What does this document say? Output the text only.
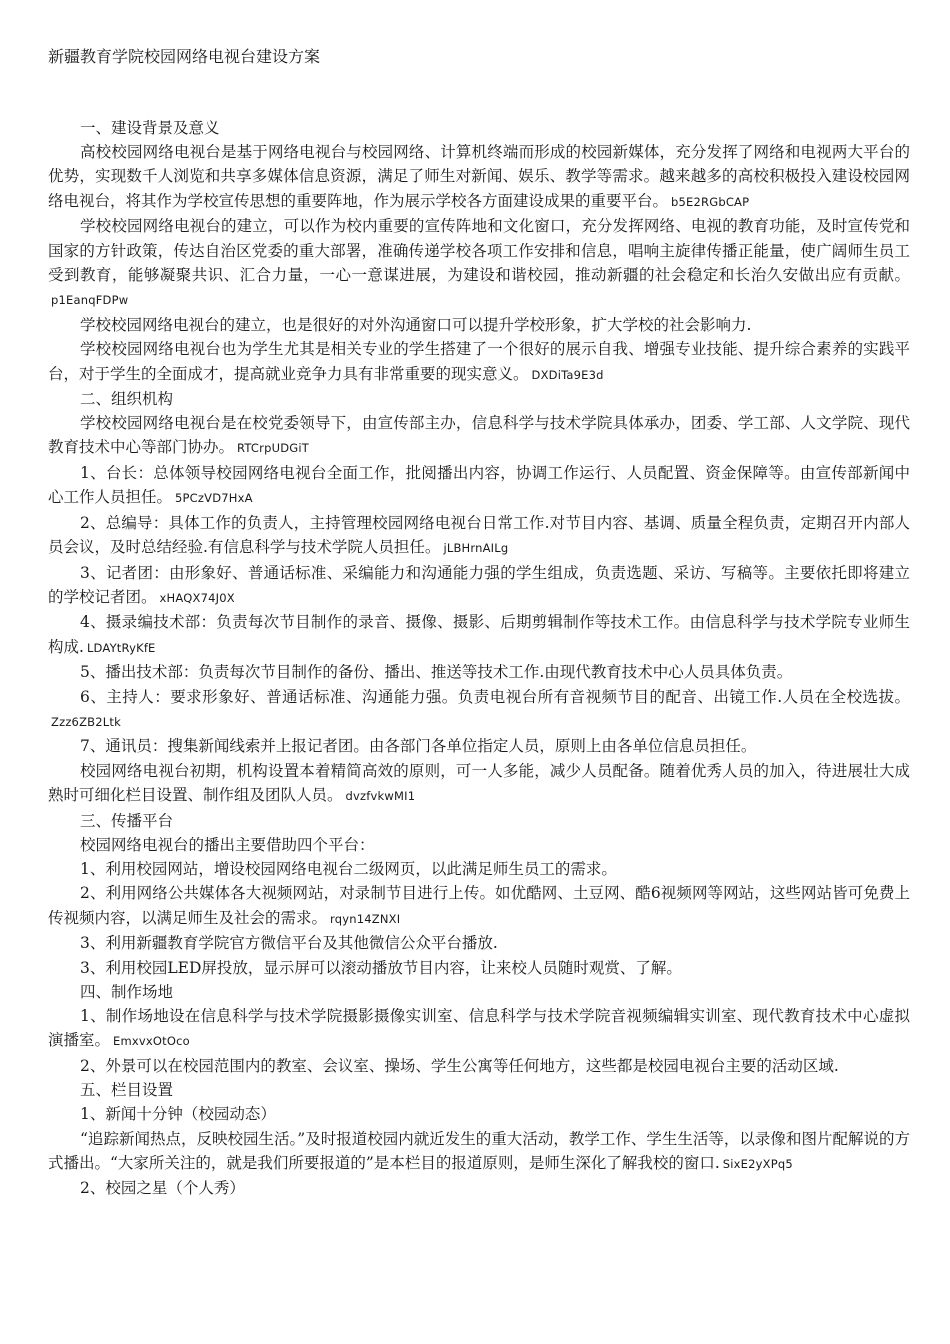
新疆教育学院校园网络电视台建设方案
一、建设背景及意义

高校校园网络电视台是基于网络电视台与校园网络、计算机终端而形成的校园新媒体，充分发挥了网络和电视两大平台的优势，实现数千人浏览和共享多媒体信息资源，满足了师生对新闻、娱乐、教学等需求。越来越多的高校积极投入建设校园网络电视台，将其作为学校宣传思想的重要阵地，作为展示学校各方面建设成果的重要平台。 b5E2RGbCAP

学校校园网络电视台的建立，可以作为校内重要的宣传阵地和文化窗口，充分发挥网络、电视的教育功能，及时宣传党和国家的方针政策，传达自治区党委的重大部署，准确传递学校各项工作安排和信息，唱响主旋律传播正能量，使广阔师生员工受到教育，能够凝聚共识、汇合力量，一心一意谋进展，为建设和谐校园，推动新疆的社会稳定和长治久安做出应有贡献。p1EanqFDPw

学校校园网络电视台的建立，也是很好的对外沟通窗口可以提升学校形象，扩大学校的社会影响力.

学校校园网络电视台也为学生尤其是相关专业的学生搭建了一个很好的展示自我、增强专业技能、提升综合素养的实践平台，对于学生的全面成才，提高就业竞争力具有非常重要的现实意义。 DXDiTa9E3d

二、组织机构

学校校园网络电视台是在校党委领导下，由宣传部主办，信息科学与技术学院具体承办，团委、学工部、人文学院、现代教育技术中心等部门协办。 RTCrpUDGiT

1、台长：总体领导校园网络电视台全面工作，批阅播出内容，协调工作运行、人员配置、资金保障等。由宣传部新闻中心工作人员担任。 5PCzVD7HxA

2、总编导：具体工作的负责人，主持管理校园网络电视台日常工作.对节目内容、基调、质量全程负责，定期召开内部人员会议，及时总结经验.有信息科学与技术学院人员担任。 jLBHrnAILg

3、记者团：由形象好、普通话标准、采编能力和沟通能力强的学生组成，负责选题、采访、写稿等。主要依托即将建立的学校记者团。 xHAQX74J0X

4、摄录编技术部：负责每次节目制作的录音、摄像、摄影、后期剪辑制作等技术工作。由信息科学与技术学院专业师生构成. LDAYtRyKfE

5、播出技术部：负责每次节目制作的备份、播出、推送等技术工作.由现代教育技术中心人员具体负责。

6、主持人：要求形象好、普通话标准、沟通能力强。负责电视台所有音视频节目的配音、出镜工作.人员在全校选拔。Zzz6ZB2Ltk

7、通讯员：搜集新闻线索并上报记者团。由各部门各单位指定人员，原则上由各单位信息员担任。

校园网络电视台初期，机构设置本着精简高效的原则，可一人多能，减少人员配备。随着优秀人员的加入，待进展壮大成熟时可细化栏目设置、制作组及团队人员。 dvzfvkwMI1

三、传播平台

校园网络电视台的播出主要借助四个平台：

1、利用校园网站，增设校园网络电视台二级网页，以此满足师生员工的需求。

2、利用网络公共媒体各大视频网站，对录制节目进行上传。如优酷网、土豆网、酷6视频网等网站，这些网站皆可免费上传视频内容，以满足师生及社会的需求。 rqyn14ZNXI

3、利用新疆教育学院官方微信平台及其他微信公众平台播放.

3、利用校园LED屏投放，显示屏可以滚动播放节目内容，让来校人员随时观赏、了解。

四、制作场地

1、制作场地设在信息科学与技术学院摄影摄像实训室、信息科学与技术学院音视频编辑实训室、现代教育技术中心虚拟演播室。 EmxvxOtOco

2、外景可以在校园范围内的教室、会议室、操场、学生公寓等任何地方，这些都是校园电视台主要的活动区域.

五、栏目设置

1、新闻十分钟（校园动态）

“追踪新闻热点，反映校园生活。”及时报道校园内就近发生的重大活动，教学工作、学生生活等，以录像和图片配解说的方式播出。“大家所关注的，就是我们所要报道的”是本栏目的报道原则，是师生深化了解我校的窗口. SixE2yXPq5

2、校园之星（个人秀）
